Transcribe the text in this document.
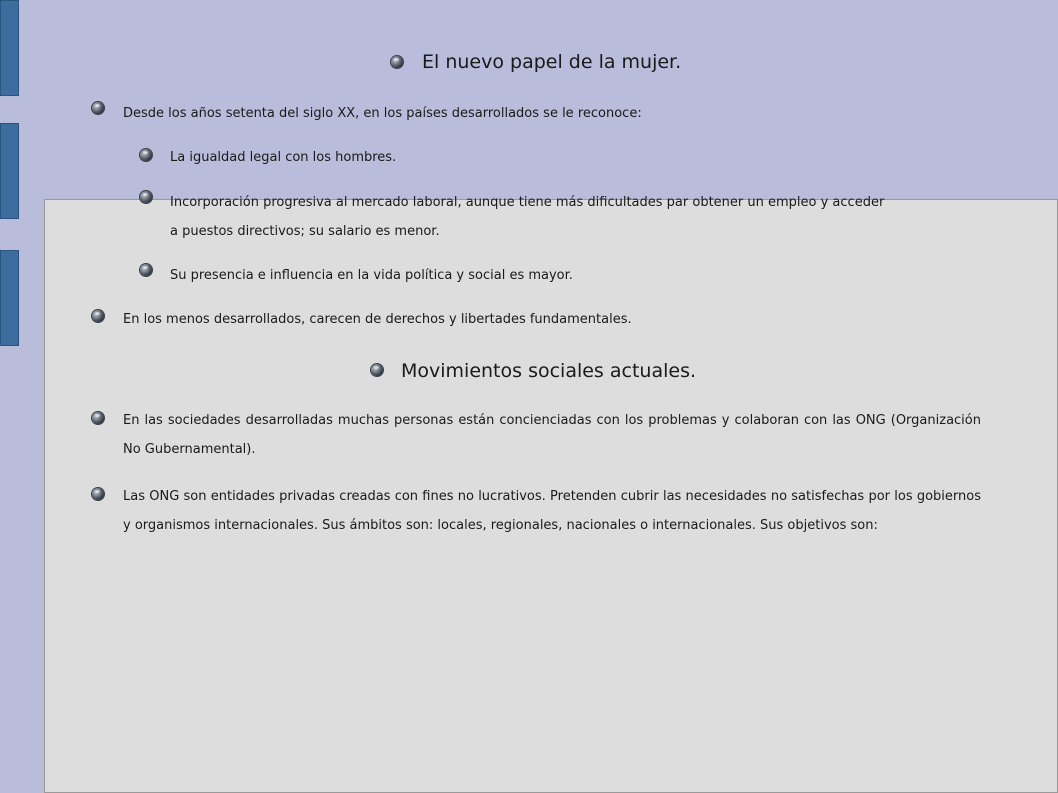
El nuevo papel de la mujer.
Desde los años setenta del siglo XX, en los países desarrollados se le reconoce:
La igualdad legal con los hombres.
Incorporación progresiva al mercado laboral, aunque tiene más dificultades par obtener un empleo y acceder
a puestos directivos; su salario es menor.
Su presencia e influencia en la vida política y social es mayor.
En los menos desarrollados, carecen de derechos y libertades fundamentales.
Movimientos sociales actuales.
En las sociedades desarrolladas muchas personas están concienciadas con los problemas y colaboran con las ONG (Organización No Gubernamental).
Las ONG son entidades privadas creadas con fines no lucrativos. Pretenden cubrir las necesidades no satisfechas por los gobiernos y organismos internacionales. Sus ámbitos son: locales, regionales, nacionales o internacionales. Sus objetivos son:
